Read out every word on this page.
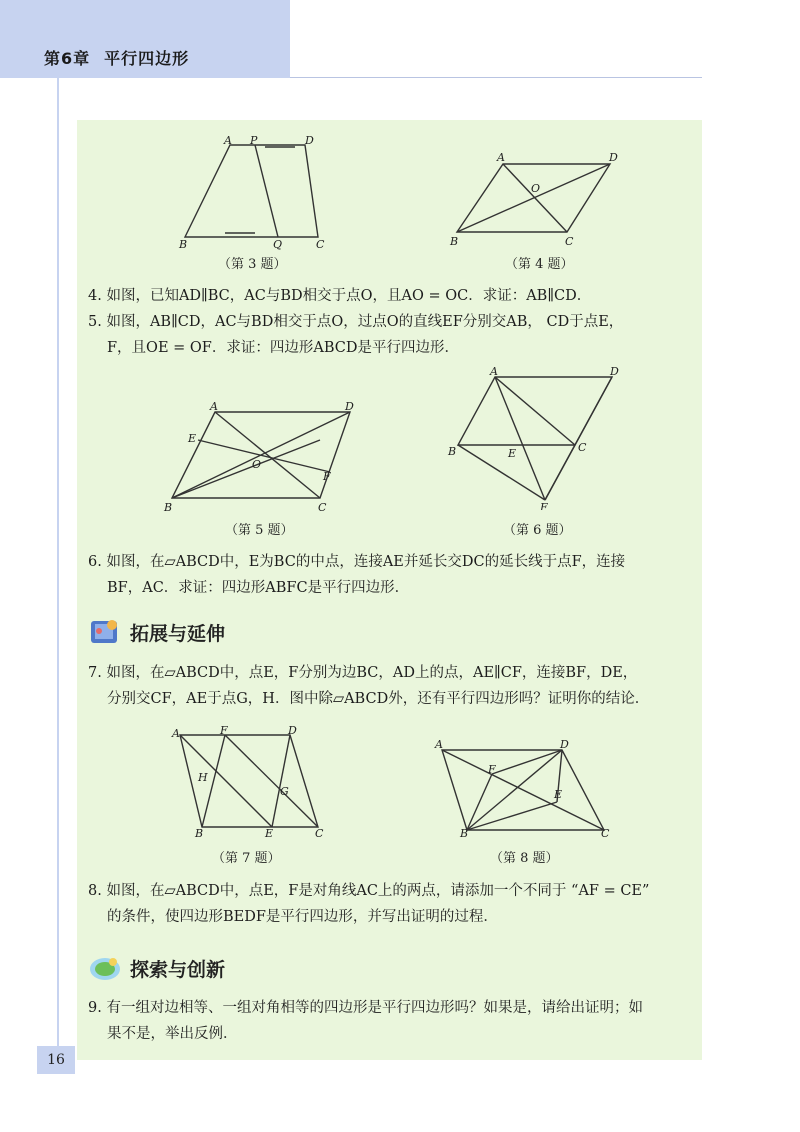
第6章 平行四边形
A P	D
B	Q	C
（第 3 题）
A	D
O
B	C
（第 4 题）
4. 如图，已知AD∥BC，AC与BD相交于点O，且AO = OC．求证：AB∥CD．
5. 如图，AB∥CD，AC与BD相交于点O，过点O的直线EF分别交AB， CD于点E，
F，且OE = OF．求证：四边形ABCD是平行四边形．
A	D
E
O
F
B	C
（第 5 题）
A	D
B	E	C
F
（第 6 题）
6. 如图，在▱ABCD中，E为BC的中点，连接AE并延长交DC的延长线于点F，连接
BF，AC．求证：四边形ABFC是平行四边形．
拓展与延伸
7. 如图，在▱ABCD中，点E，F分别为边BC，AD上的点，AE∥CF，连接BF，DE，
分别交CF，AE于点G，H．图中除▱ABCD外，还有平行四边形吗？证明你的结论．
A	F	D
H
G
B	E	C
（第 7 题）
A	D
F
E
B	C
（第 8 题）
8. 如图，在▱ABCD中，点E，F是对角线AC上的两点，请添加一个不同于 “AF = CE”
的条件，使四边形BEDF是平行四边形，并写出证明的过程．
探索与创新
9. 有一组对边相等、一组对角相等的四边形是平行四边形吗？如果是，请给出证明；如
果不是，举出反例．
16
